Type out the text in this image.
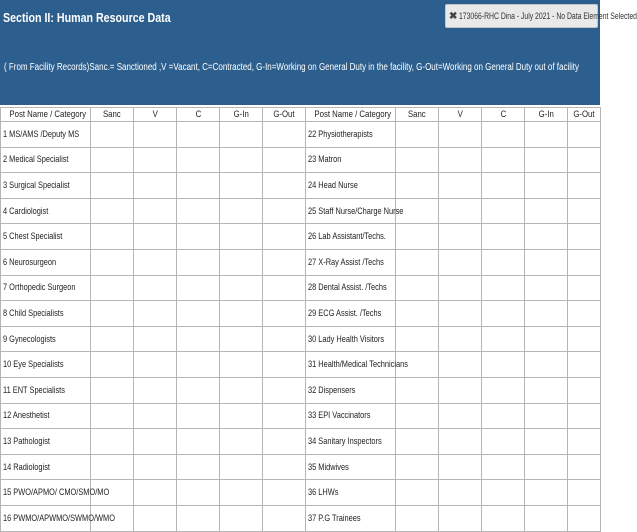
Section II: Human Resource Data	✖ 173066-RHC Dina - July 2021 - No Data Element Selected
( From Facility Records)Sanc.= Sanctioned ,V =Vacant, C=Contracted, G-In=Working on General Duty in the facility, G-Out=Working on General Duty out of facility
Post Name / Category	Sanc	V	C	G-In	G-Out	Post Name / Category	Sanc	V	C	G-In	G-Out
1 MS/AMS /Deputy MS						22 Physiotherapists					
2 Medical Specialist						23 Matron					
3 Surgical Specialist						24 Head Nurse					
4 Cardiologist						25 Staff Nurse/Charge Nurse					
5 Chest Specialist						26 Lab Assistant/Techs.					
6 Neurosurgeon						27 X-Ray Assist /Techs					
7 Orthopedic Surgeon						28 Dental Assist. /Techs					
8 Child Specialists						29 ECG Assist. /Techs					
9 Gynecologists						30 Lady Health Visitors					
10 Eye Specialists						31 Health/Medical Technicians					
11 ENT Specialists						32 Dispensers					
12 Anesthetist						33 EPI Vaccinators					
13 Pathologist						34 Sanitary Inspectors					
14 Radiologist						35 Midwives					
15 PWO/APMO/ CMO/SMO/MO						36 LHWs					
16 PWMO/APWMO/SWMO/WMO						37 P.G Trainees					
